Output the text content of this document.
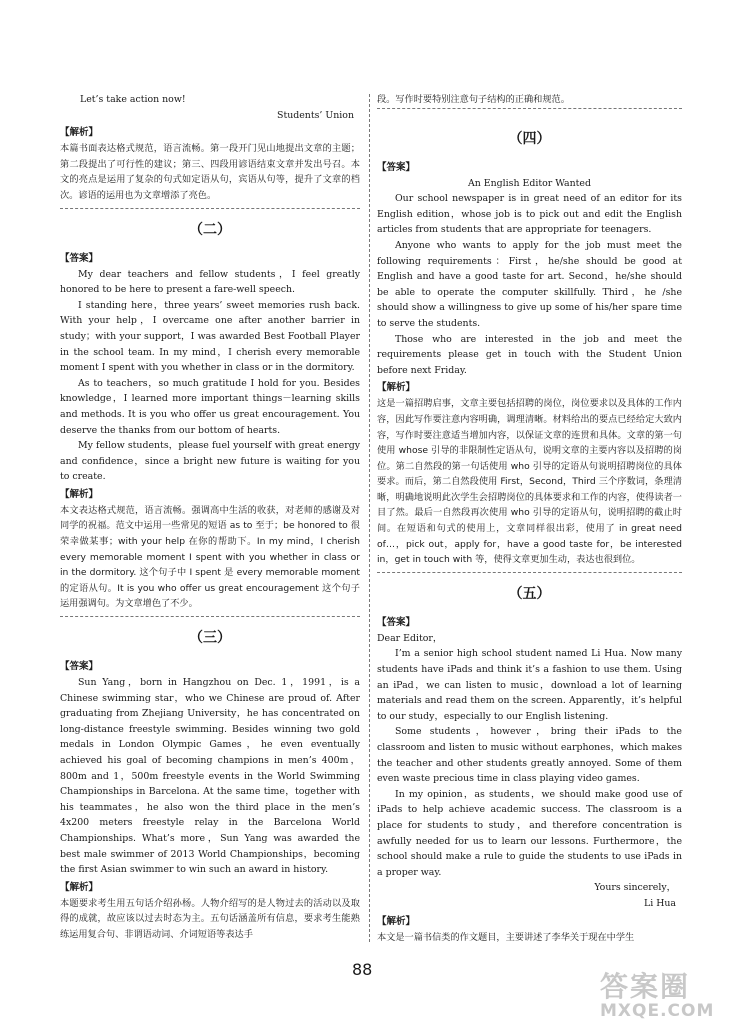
Let’s take action now!

Students’ Union

【解析】

本篇书面表达格式规范，语言流畅。第一段开门见山地提出文章的主题；第二段提出了可行性的建议；第三、四段用谚语结束文章并发出号召。本文的亮点是运用了复杂的句式如定语从句，宾语从句等，提升了文章的档次。谚语的运用也为文章增添了亮色。

（二）
【答案】

My dear teachers and fellow students，I feel greatly honored to be here to present a fare-well speech.

I standing here，three years’ sweet memories rush back. With your help，I overcame one after another barrier in study；with your support，I was awarded Best Football Player in the school team. In my mind，I cherish every memorable moment I spent with you whether in class or in the dormitory.

As to teachers，so much gratitude I hold for you. Besides knowledge，I learned more important things－learning skills and methods. It is you who offer us great encouragement. You deserve the thanks from our bottom of hearts.

My fellow students，please fuel yourself with great energy and confidence，since a bright new future is waiting for you to create.

【解析】

本文表达格式规范，语言流畅。强调高中生活的收获，对老师的感谢及对同学的祝福。范文中运用一些常见的短语 as to 至于；be honored to 很荣幸做某事；with your help 在你的帮助下。In my mind，I cherish every memorable moment I spent with you whether in class or in the dormitory. 这个句子中 I spent 是 every memorable moment 的定语从句。It is you who offer us great encouragement 这个句子运用强调句。为文章增色了不少。

（三）
【答案】

Sun Yang，born in Hangzhou on Dec. 1，1991，is a Chinese swimming star，who we Chinese are proud of. After graduating from Zhejiang University，he has concentrated on long-distance freestyle swimming. Besides winning two gold medals in London Olympic Games，he even eventually achieved his goal of becoming champions in men’s 400m，800m and 1，500m freestyle events in the World Swimming Championships in Barcelona. At the same time，together with his teammates，he also won the third place in the men’s 4x200 meters freestyle relay in the Barcelona World Championships. What’s more，Sun Yang was awarded the best male swimmer of 2013 World Championships，becoming the first Asian swimmer to win such an award in history.

【解析】

本题要求考生用五句话介绍孙杨。人物介绍写的是人物过去的活动以及取得的成就，故应该以过去时态为主。五句话涵盖所有信息，要求考生能熟练运用复合句、非谓语动词、介词短语等表达手

段。写作时要特别注意句子结构的正确和规范。

（四）
【答案】

An English Editor Wanted

Our school newspaper is in great need of an editor for its English edition，whose job is to pick out and edit the English articles from students that are appropriate for teenagers.

Anyone who wants to apply for the job must meet the following requirements：First，he/she should be good at English and have a good taste for art. Second，he/she should be able to operate the computer skillfully. Third，he /she should show a willingness to give up some of his/her spare time to serve the students.

Those who are interested in the job and meet the requirements please get in touch with the Student Union before next Friday.

【解析】

这是一篇招聘启事，文章主要包括招聘的岗位，岗位要求以及具体的工作内容，因此写作要注意内容明确，调理清晰。材料给出的要点已经给定大致内容，写作时要注意适当增加内容，以保证文章的连贯和具体。文章的第一句使用 whose 引导的非限制性定语从句，说明文章的主要内容以及招聘的岗位。第二自然段的第一句话使用 who 引导的定语从句说明招聘岗位的具体要求。而后，第二自然段使用 First，Second，Third 三个序数词，条理清晰，明确地说明此次学生会招聘岗位的具体要求和工作的内容，使得读者一目了然。最后一自然段再次使用 who 引导的定语从句，说明招聘的截止时间。在短语和句式的使用上，文章同样很出彩，使用了 in great need of…，pick out，apply for，have a good taste for，be interested in，get in touch with 等，使得文章更加生动，表达也很到位。

（五）
【答案】

Dear Editor，

I’m a senior high school student named Li Hua. Now many students have iPads and think it’s a fashion to use them. Using an iPad，we can listen to music，download a lot of learning materials and read them on the screen. Apparently，it’s helpful to our study，especially to our English listening.

Some students，however，bring their iPads to the classroom and listen to music without earphones，which makes the teacher and other students greatly annoyed. Some of them even waste precious time in class playing video games.

In my opinion，as students，we should make good use of iPads to help achieve academic success. The classroom is a place for students to study，and therefore concentration is awfully needed for us to learn our lessons. Furthermore，the school should make a rule to guide the students to use iPads in a proper way.

Yours sincerely，

Li Hua

【解析】

本文是一篇书信类的作文题目，主要讲述了李华关于现在中学生

88
答案圈
MXQE.COM
